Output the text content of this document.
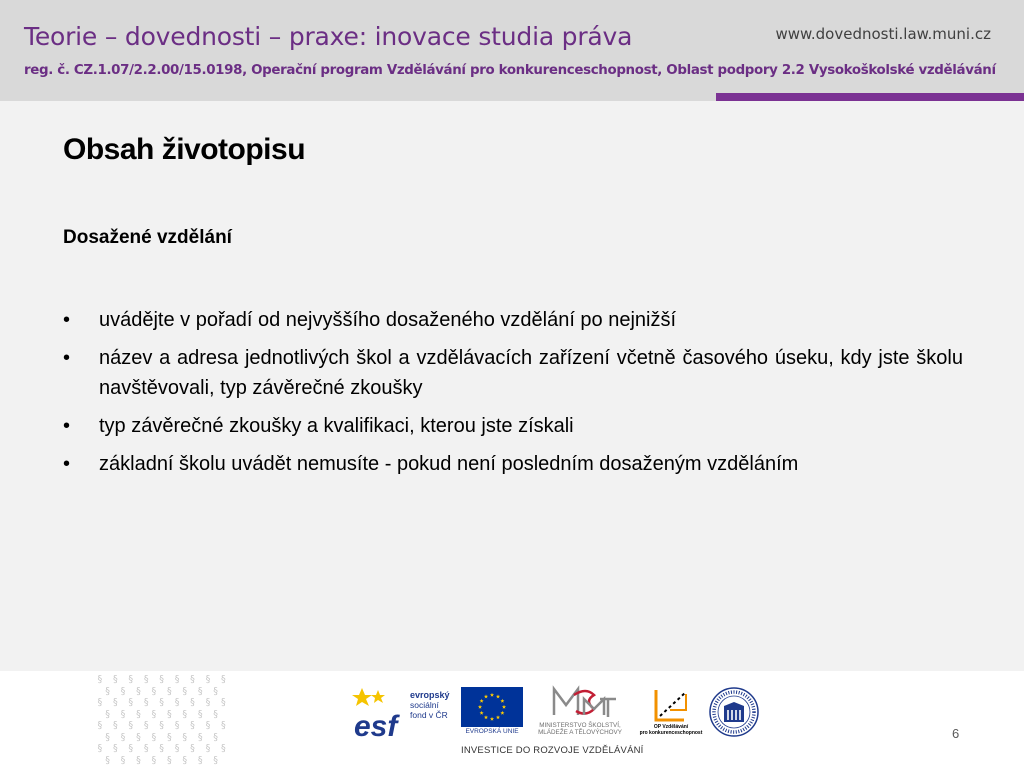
Teorie – dovednosti – praxe: inovace studia práva	www.dovednosti.law.muni.cz
reg. č. CZ.1.07/2.2.00/15.0198, Operační program Vzdělávání pro konkurenceschopnost, Oblast podpory 2.2 Vysokoškolské vzdělávání
Obsah životopisu
Dosažené vzdělání
• uvádějte v pořadí od nejvyššího dosaženého vzdělání po nejnižší
• název a adresa jednotlivých škol a vzdělávacích zařízení včetně časového úseku, kdy jste školu navštěvovali, typ závěrečné zkoušky
• typ závěrečné zkoušky a kvalifikaci, kterou jste získali
• základní školu uvádět nemusíte - pokud není posledním dosaženým vzděláním
§ § § § § § § § §
§ § § § § § § §
§ § § § § § § § §
§ § § § § § § §
§ § § § § § § § §
§ § § § § § § §
§ § § § § § § § §
§ § § § § § § §
esf
evropský
sociální
fond v ČR
EVROPSKÁ UNIE
MINISTERSTVO ŠKOLSTVÍ,
MLÁDEŽE A TĚLOVÝCHOVY
OP Vzdělávání
pro konkurenceschopnost
INVESTICE DO ROZVOJE VZDĚLÁVÁNÍ
6
